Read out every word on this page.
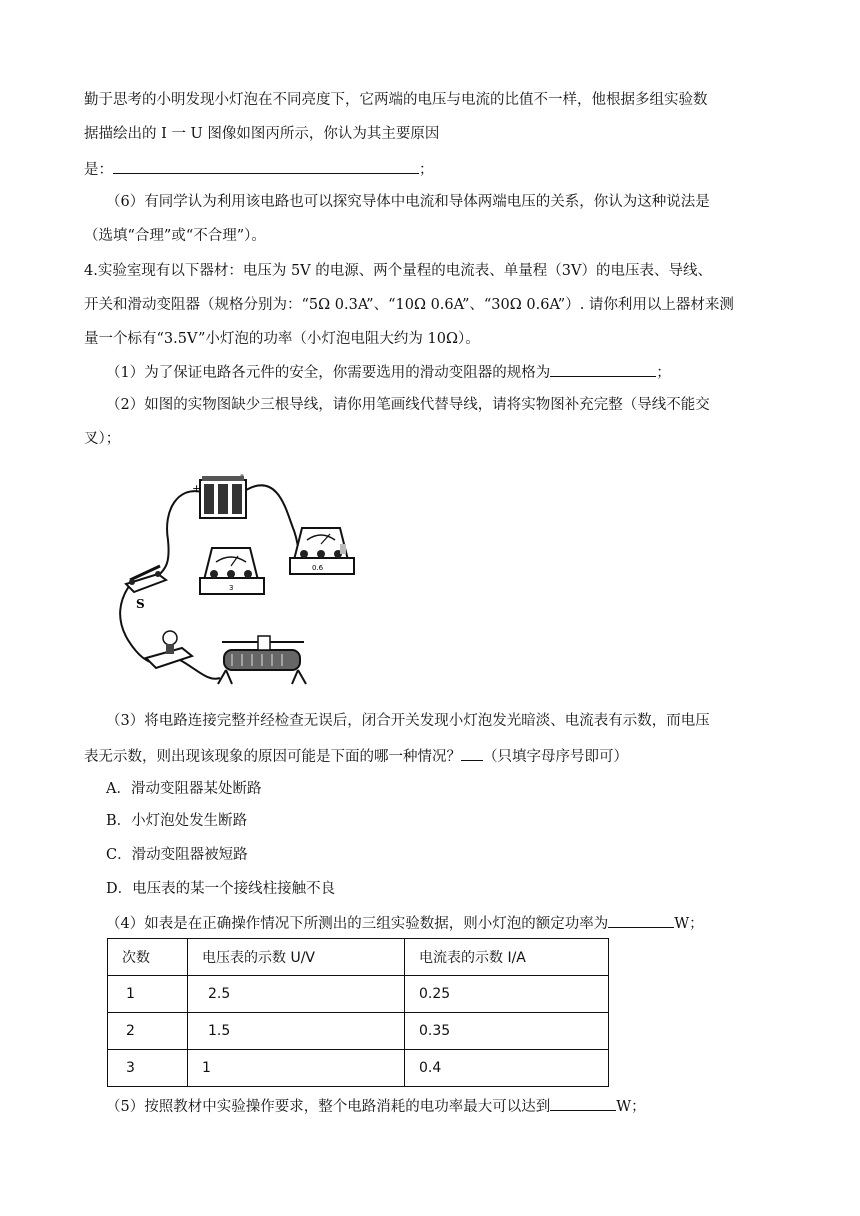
勤于思考的小明发现小灯泡在不同亮度下，它两端的电压与电流的比值不一样，他根据多组实验数
据描绘出的 I 一 U 图像如图丙所示，你认为其主要原因
是：	；
（6）有同学认为利用该电路也可以探究导体中电流和导体两端电压的关系，你认为这种说法是
（选填“合理”或“不合理”）。
4.实验室现有以下器材：电压为 5V 的电源、两个量程的电流表、单量程（3V）的电压表、导线、
开关和滑动变阻器（规格分别为：“5Ω 0.3A”、“10Ω 0.6A”、“30Ω 0.6A”）. 请你利用以上器材来测
量一个标有“3.5V”小灯泡的功率（小灯泡电阻大约为 10Ω）。
（1）为了保证电路各元件的安全，你需要选用的滑动变阻器的规格为	；
（2）如图的实物图缺少三根导线，请你用笔画线代替导线，请将实物图补充完整（导线不能交
叉）；
+
-
0.6
3
S
（3）将电路连接完整并经检查无误后，闭合开关发现小灯泡发光暗淡、电流表有示数，而电压
表无示数，则出现该现象的原因可能是下面的哪一种情况？ （只填字母序号即可）
A．滑动变阻器某处断路
B．小灯泡处发生断路
C．滑动变阻器被短路
D．电压表的某一个接线柱接触不良
（4）如表是在正确操作情况下所测出的三组实验数据，则小灯泡的额定功率为	W；
次数	电压表的示数 U/V	电流表的示数 I/A
1	2.5	0.25
2	1.5	0.35
3	1	0.4
（5）按照教材中实验操作要求，整个电路消耗的电功率最大可以达到	W；
